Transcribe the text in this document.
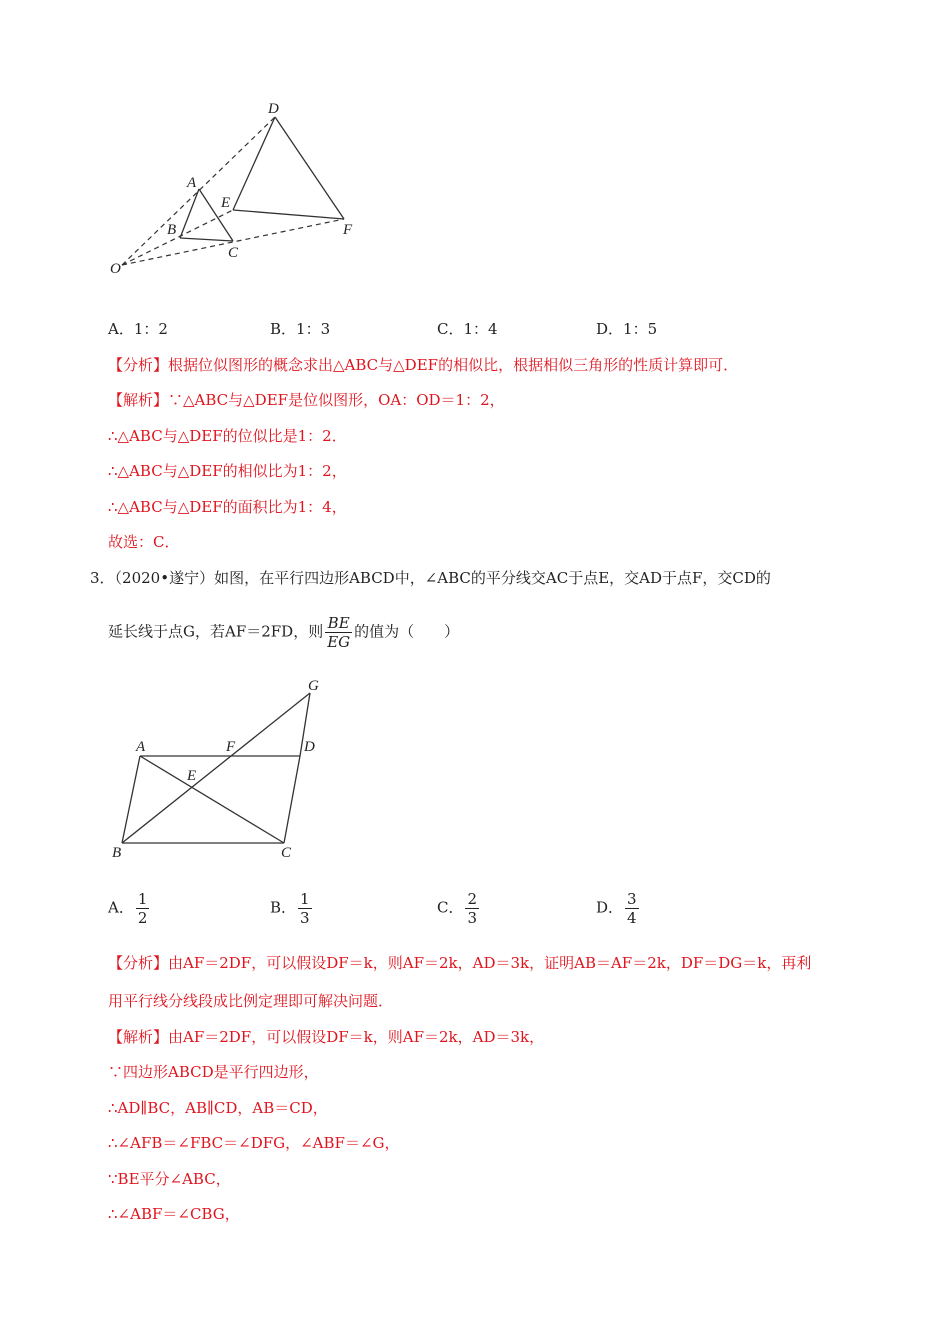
D
A
E
B
C
F
O
A．1：2	B．1：3	C．1：4	D．1：5
【分析】根据位似图形的概念求出△ABC与△DEF的相似比，根据相似三角形的性质计算即可．
【解析】∵△ABC与△DEF是位似图形，OA：OD＝1：2，
∴△ABC与△DEF的位似比是1：2．
∴△ABC与△DEF的相似比为1：2，
∴△ABC与△DEF的面积比为1：4，
故选：C．
3．（2020•遂宁）如图，在平行四边形ABCD中，∠ABC的平分线交AC于点E，交AD于点F，交CD的
延长线于点G，若AF＝2FD，则 $\frac{BE}{EG}$ 的值为（　　）
G
A	F	D
E
B	C
A． $\frac{1}{2}$	B． $\frac{1}{3}$	C． $\frac{2}{3}$	D． $\frac{3}{4}$
【分析】由AF＝2DF，可以假设DF＝k，则AF＝2k，AD＝3k，证明AB＝AF＝2k，DF＝DG＝k，再利
用平行线分线段成比例定理即可解决问题．
【解析】由AF＝2DF，可以假设DF＝k，则AF＝2k，AD＝3k，
∵四边形ABCD是平行四边形，
∴AD∥BC，AB∥CD，AB＝CD，
∴∠AFB＝∠FBC＝∠DFG，∠ABF＝∠G，
∵BE平分∠ABC，
∴∠ABF＝∠CBG，
